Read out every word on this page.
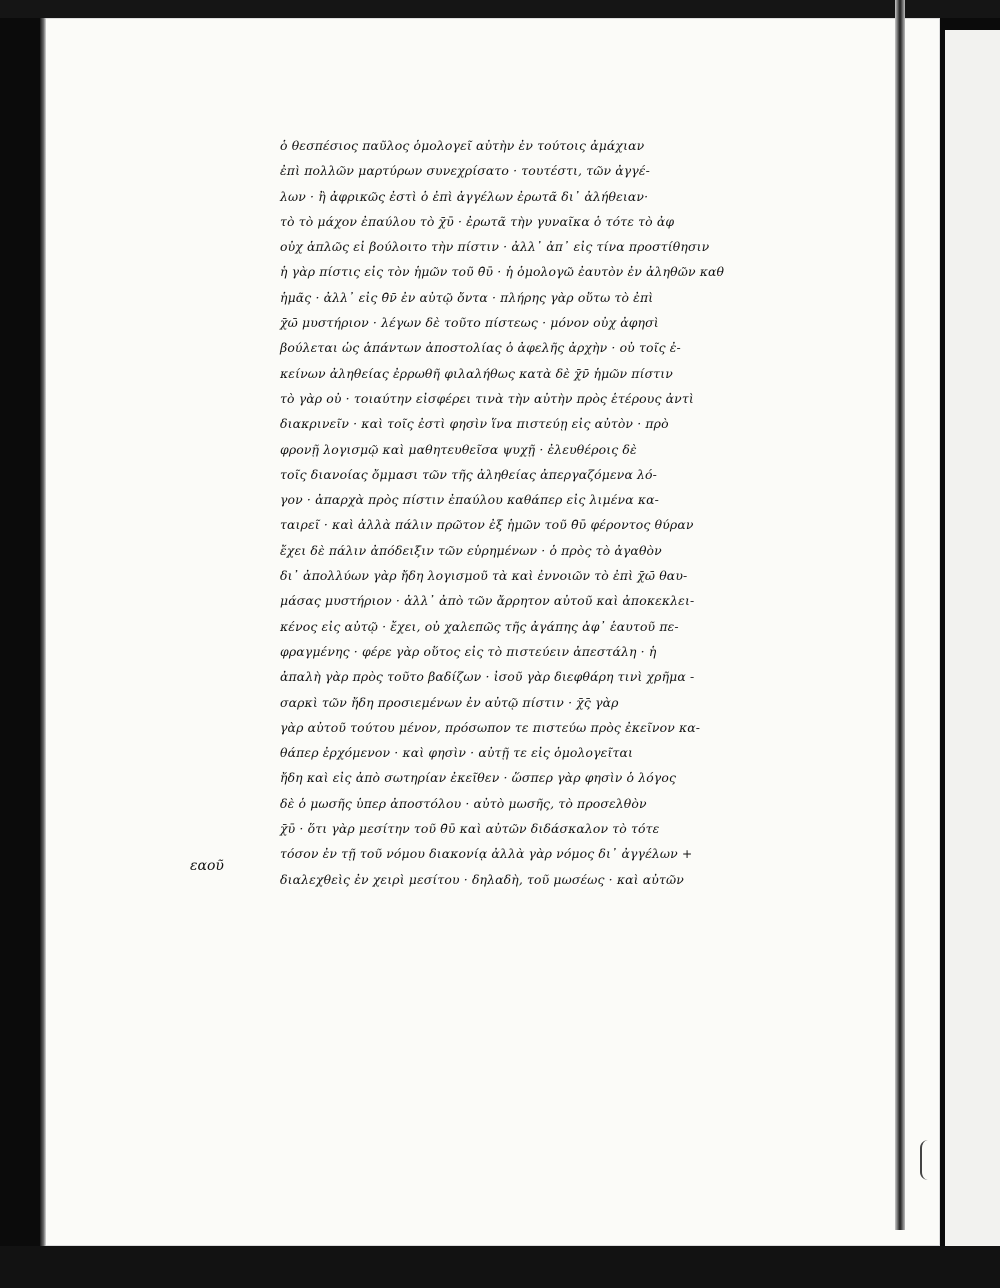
εαοῦ
ὁ θεσπέσιος παῦλος ὁμολογεῖ αὐτὴν ἐν τούτοις ἀμάχιαν
ἐπὶ πολλῶν μαρτύρων συνεχρίσατο · τουτέστι, τῶν ἀγγέ-
λων · ἢ ἀφρικῶς ἐστὶ ὁ ἐπὶ ἀγγέλων ἐρωτᾶ δι᾽ ἀλήθειαν·
τὸ τὸ μάχον ἐπαύλου τὸ χ̄ῡ · ἐρωτᾶ τὴν γυναῖκα ὁ τότε τὸ ἀφ
οὐχ ἁπλῶς εἰ βούλοιτο τὴν πίστιν · ἀλλ᾽ ἀπ᾽ εἰς τίνα προστίθησιν
ἡ γὰρ πίστις εἰς τὸν ἡμῶν τοῦ θ̄ῡ · ἡ ὁμολογῶ ἐαυτὸν ἐν ἀληθῶν καθ
ἡμᾶς · ἀλλ᾽ εἰς θ̄ν̄ ἐν αὐτῷ ὄντα · πλήρης γὰρ οὕτω τὸ ἐπὶ
χ̄ω̄ μυστήριον · λέγων δὲ τοῦτο πίστεως · μόνον οὐχ ἀφησὶ
βούλεται ὡς ἁπάντων ἀποστολίας ὁ ἀφελῆς ἀρχὴν · οὐ τοῖς ἐ-
κείνων ἀληθείας ἐρρωθῆ φιλαλήθως κατὰ δὲ χ̄ν̄ ἡμῶν πίστιν
τὸ γὰρ οὐ · τοιαύτην εἰσφέρει τινὰ τὴν αὐτὴν πρὸς ἑτέρους ἀντὶ
διακρινεῖν · καὶ τοῖς ἐστὶ φησὶν ἵνα πιστεύῃ εἰς αὐτὸν · πρὸ
φρονῇ λογισμῷ καὶ μαθητευθεῖσα ψυχῇ · ἐλευθέροις δὲ
τοῖς διανοίας ὄμμασι τῶν τῆς ἀληθείας ἀπεργαζόμενα λό-
γον · ἀπαρχὰ πρὸς πίστιν ἐπαύλου καθάπερ εἰς λιμένα κα-
ταιρεῖ · καὶ ἀλλὰ πάλιν πρῶτον ἐξ ἡμῶν τοῦ θ̄ῡ φέροντος θύραν
ἔχει δὲ πάλιν ἀπόδειξιν τῶν εὑρημένων · ὁ πρὸς τὸ ἀγαθὸν
δι᾽ ἀπολλύων γὰρ ἤδη λογισμοῦ τὰ καὶ ἐννοιῶν τὸ ἐπὶ χ̄ω̄ θαυ-
μάσας μυστήριον · ἀλλ᾽ ἀπὸ τῶν ἄρρητον αὐτοῦ καὶ ἀποκεκλει-
κένος εἰς αὐτῷ · ἔχει, οὐ χαλεπῶς τῆς ἀγάπης ἀφ᾽ ἑαυτοῦ πε-
φραγμένης · φέρε γὰρ οὕτος εἰς τὸ πιστεύειν ἀπεστάλη · ἡ
ἀπαλὴ γὰρ πρὸς τοῦτο βαδίζων · ἰσοῦ γὰρ διεφθάρη τινὶ χρῆμα -
σαρκὶ τῶν ἤδη προσιεμένων ἐν αὐτῷ πίστιν · χ̄ς̄ γὰρ
γὰρ αὐτοῦ τούτου μένον, πρόσωπον τε πιστεύω πρὸς ἐκεῖνον κα-
θάπερ ἐρχόμενον · καὶ φησὶν · αὐτῇ τε εἰς ὁμολογεῖται
ἤδη καὶ εἰς ἀπὸ σωτηρίαν ἐκεῖθεν · ὥσπερ γὰρ φησὶν ὁ λόγος
δὲ ὁ μωσῆς ὑπερ ἀποστόλου · αὐτὸ μωσῆς, τὸ προσελθὸν
χ̄ῡ · ὅτι γὰρ μεσίτην τοῦ θ̄ῡ καὶ αὐτῶν διδάσκαλον τὸ τότε
τόσον ἐν τῇ τοῦ νόμου διακονίᾳ ἀλλὰ γὰρ νόμος δι᾽ ἀγγέλων +
διαλεχθεὶς ἐν χειρὶ μεσίτου · δηλαδὴ, τοῦ μωσέως · καὶ αὐτῶν
